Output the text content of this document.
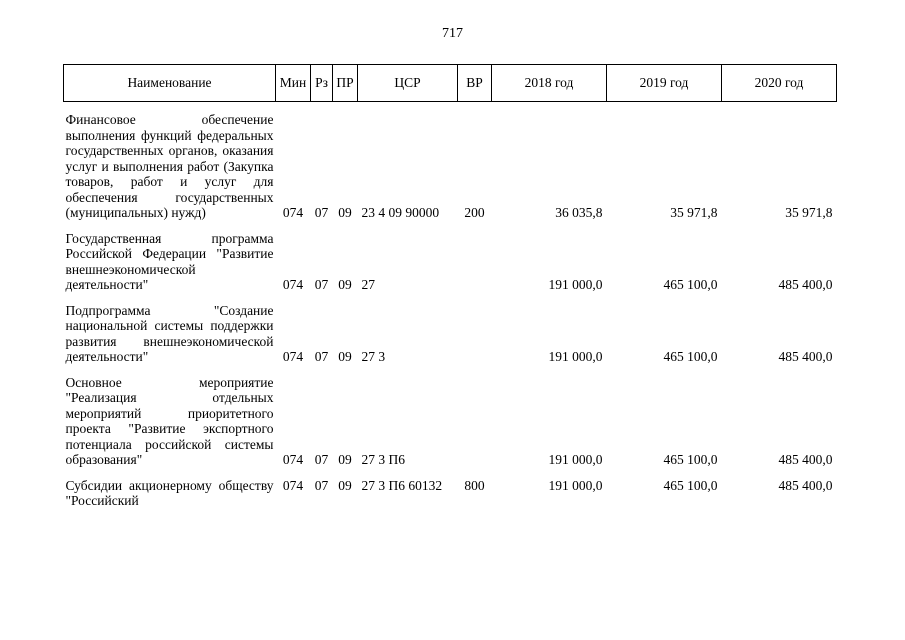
717
Наименование	Мин	Рз	ПР	ЦСР	ВР	2018 год	2019 год	2020 год

Финансовое обеспечение выполнения функций федеральных государственных органов, оказания услуг и выполнения работ (Закупка товаров, работ и услуг для обеспечения государственных (муниципальных) нужд)	074	07	09	23 4 09 90000	200	36 035,8	35 971,8	35 971,8

Государственная программа Российской Федерации "Развитие внешнеэкономической деятельности"	074	07	09	27		191 000,0	465 100,0	485 400,0

Подпрограмма "Создание национальной системы поддержки развития внешнеэкономической деятельности"	074	07	09	27 3		191 000,0	465 100,0	485 400,0

Основное мероприятие "Реализация отдельных мероприятий приоритетного проекта "Развитие экспортного потенциала российской системы образования"	074	07	09	27 3 П6		191 000,0	465 100,0	485 400,0

Субсидии акционерному обществу "Российский	074	07	09	27 3 П6 60132	800	191 000,0	465 100,0	485 400,0
